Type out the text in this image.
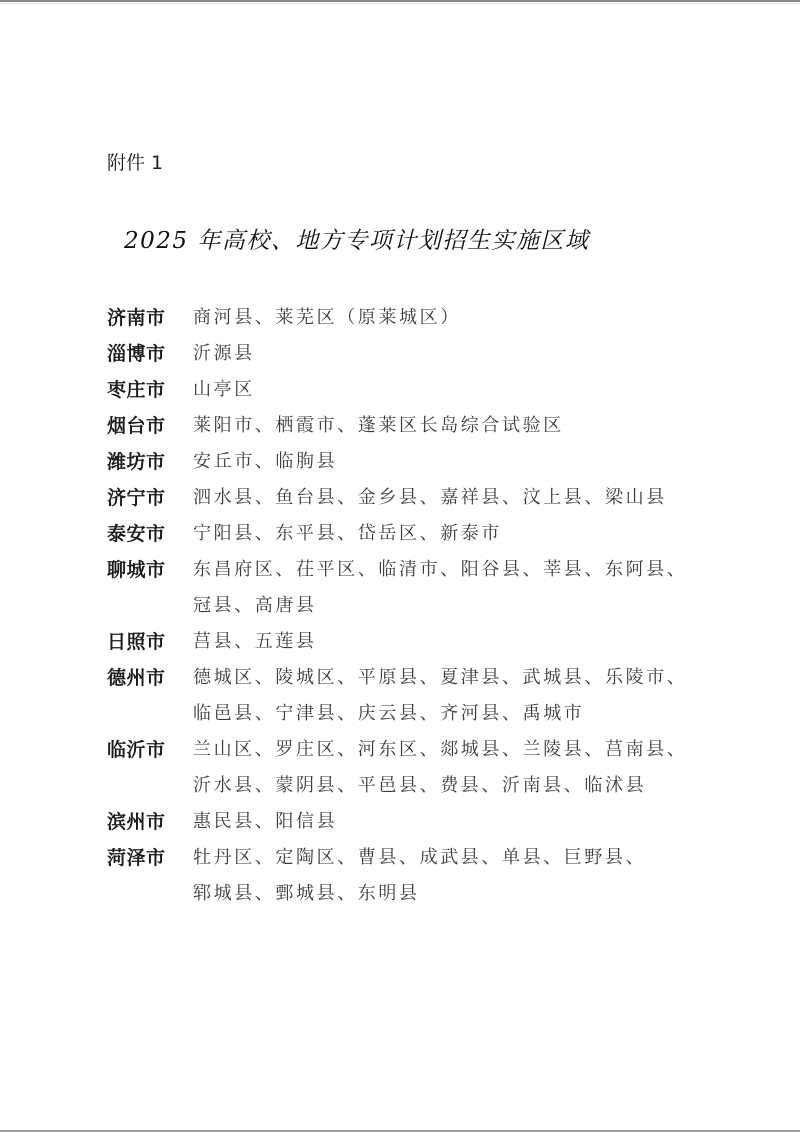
附件 1
2025 年高校、地方专项计划招生实施区域
济南市	商河县、莱芜区（原莱城区）
淄博市	沂源县
枣庄市	山亭区
烟台市	莱阳市、栖霞市、蓬莱区长岛综合试验区
潍坊市	安丘市、临朐县
济宁市	泗水县、鱼台县、金乡县、嘉祥县、汶上县、梁山县
泰安市	宁阳县、东平县、岱岳区、新泰市
聊城市	东昌府区、茌平区、临清市、阳谷县、莘县、东阿县、
冠县、高唐县
日照市	莒县、五莲县
德州市	德城区、陵城区、平原县、夏津县、武城县、乐陵市、
临邑县、宁津县、庆云县、齐河县、禹城市
临沂市	兰山区、罗庄区、河东区、郯城县、兰陵县、莒南县、
沂水县、蒙阴县、平邑县、费县、沂南县、临沭县
滨州市	惠民县、阳信县
菏泽市	牡丹区、定陶区、曹县、成武县、单县、巨野县、
郓城县、鄄城县、东明县
